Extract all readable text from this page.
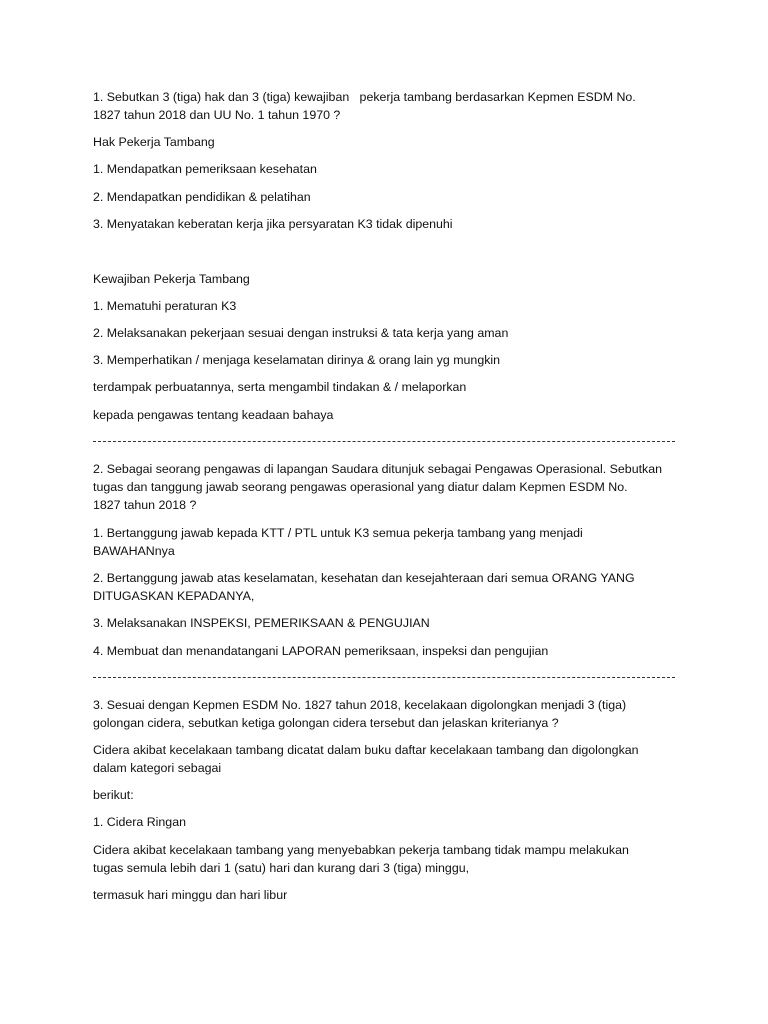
1. Sebutkan 3 (tiga) hak dan 3 (tiga) kewajiban   pekerja tambang berdasarkan Kepmen ESDM No.

1827 tahun 2018 dan UU No. 1 tahun 1970 ?

Hak Pekerja Tambang

1. Mendapatkan pemeriksaan kesehatan

2. Mendapatkan pendidikan & pelatihan

3. Menyatakan keberatan kerja jika persyaratan K3 tidak dipenuhi

Kewajiban Pekerja Tambang

1. Mematuhi peraturan K3

2. Melaksanakan pekerjaan sesuai dengan instruksi & tata kerja yang aman

3. Memperhatikan / menjaga keselamatan dirinya & orang lain yg mungkin

terdampak perbuatannya, serta mengambil tindakan & / melaporkan

kepada pengawas tentang keadaan bahaya

2. Sebagai seorang pengawas di lapangan Saudara ditunjuk sebagai Pengawas Operasional. Sebutkan

tugas dan tanggung jawab seorang pengawas operasional yang diatur dalam Kepmen ESDM No.

1827 tahun 2018 ?

1. Bertanggung jawab kepada KTT / PTL untuk K3 semua pekerja tambang yang menjadi

BAWAHANnya

2. Bertanggung jawab atas keselamatan, kesehatan dan kesejahteraan dari semua ORANG YANG

DITUGASKAN KEPADANYA,

3. Melaksanakan INSPEKSI, PEMERIKSAAN & PENGUJIAN

4. Membuat dan menandatangani LAPORAN pemeriksaan, inspeksi dan pengujian

3. Sesuai dengan Kepmen ESDM No. 1827 tahun 2018, kecelakaan digolongkan menjadi 3 (tiga)

golongan cidera, sebutkan ketiga golongan cidera tersebut dan jelaskan kriterianya ?

Cidera akibat kecelakaan tambang dicatat dalam buku daftar kecelakaan tambang dan digolongkan

dalam kategori sebagai

berikut:

1. Cidera Ringan

Cidera akibat kecelakaan tambang yang menyebabkan pekerja tambang tidak mampu melakukan

tugas semula lebih dari 1 (satu) hari dan kurang dari 3 (tiga) minggu,

termasuk hari minggu dan hari libur
